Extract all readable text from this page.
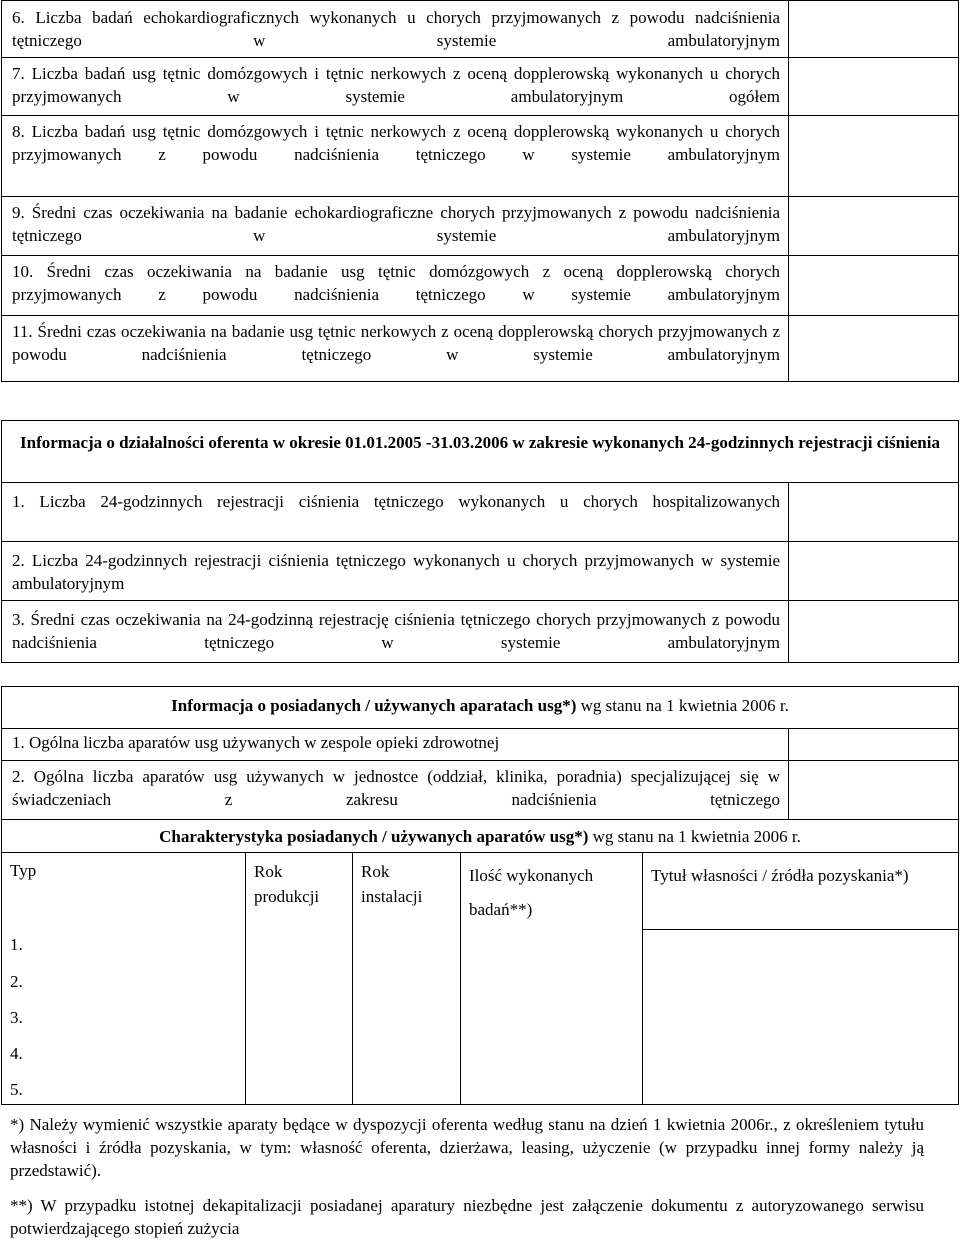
6. Liczba badań echokardiograficznych wykonanych u chorych przyjmowanych z powodu nadciśnienia tętniczego w systemie ambulatoryjnym
7. Liczba badań usg tętnic domózgowych i tętnic nerkowych z oceną dopplerowską wykonanych u chorych przyjmowanych w systemie ambulatoryjnym ogółem
8. Liczba badań usg tętnic domózgowych i tętnic nerkowych z oceną dopplerowską wykonanych u chorych przyjmowanych z powodu nadciśnienia tętniczego w systemie ambulatoryjnym
9. Średni czas oczekiwania na badanie echokardiograficzne chorych przyjmowanych z powodu nadciśnienia tętniczego w systemie ambulatoryjnym
10. Średni czas oczekiwania na badanie usg tętnic domózgowych z oceną dopplerowską chorych przyjmowanych z powodu nadciśnienia tętniczego w systemie ambulatoryjnym
11. Średni czas oczekiwania na badanie usg tętnic nerkowych z oceną dopplerowską chorych przyjmowanych z powodu nadciśnienia tętniczego w systemie ambulatoryjnym
Informacja o działalności oferenta w okresie 01.01.2005 -31.03.2006 w zakresie wykonanych 24-godzinnych rejestracji ciśnienia
1. Liczba 24-godzinnych rejestracji ciśnienia tętniczego wykonanych u chorych hospitalizowanych
2. Liczba 24-godzinnych rejestracji ciśnienia tętniczego wykonanych u chorych przyjmowanych w systemie ambulatoryjnym
3. Średni czas oczekiwania na 24-godzinną rejestrację ciśnienia tętniczego chorych przyjmowanych z powodu nadciśnienia tętniczego w systemie ambulatoryjnym
Informacja o posiadanych / używanych aparatach usg*) wg stanu na 1 kwietnia 2006 r.
1. Ogólna liczba aparatów usg używanych w zespole opieki zdrowotnej
2. Ogólna liczba aparatów usg używanych w jednostce (oddział, klinika, poradnia) specjalizującej się w świadczeniach z zakresu nadciśnienia tętniczego
Charakterystyka posiadanych / używanych aparatów usg*) wg stanu na 1 kwietnia 2006 r.
Typ	Rok produkcji
Rok instalacji
Ilość wykonanych badań**)
Tytuł własności / źródła pozyskania*)
1.
2.
3.
4.
5.
*) Należy wymienić wszystkie aparaty będące w dyspozycji oferenta według stanu na dzień 1 kwietnia 2006r., z określeniem tytułu własności i źródła pozyskania, w tym: własność oferenta, dzierżawa, leasing, użyczenie (w przypadku innej formy należy ją przedstawić).
**) W przypadku istotnej dekapitalizacji posiadanej aparatury niezbędne jest załączenie dokumentu z autoryzowanego serwisu potwierdzającego stopień zużycia
